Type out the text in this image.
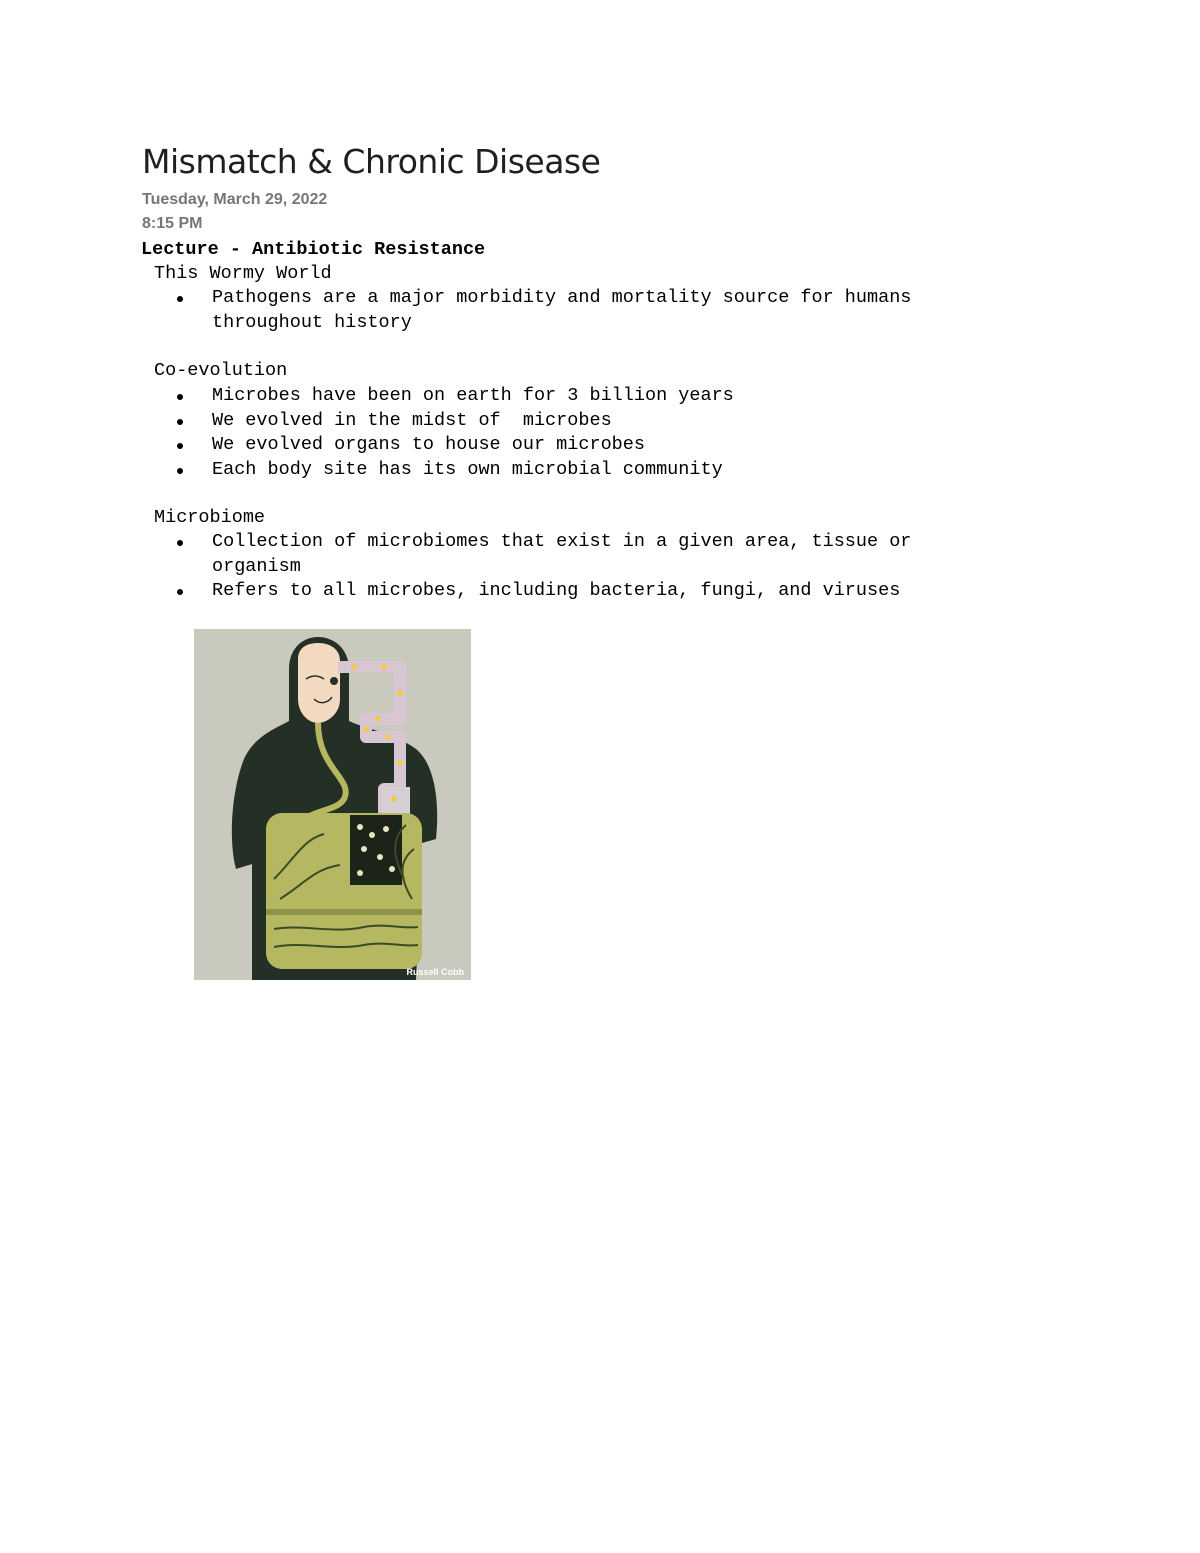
Mismatch & Chronic Disease
Tuesday, March 29, 2022
8:15 PM
Lecture - Antibiotic Resistance
This Wormy World
Pathogens are a major morbidity and mortality source for humans
throughout history
Co-evolution
Microbes have been on earth for 3 billion years
We evolved in the midst of  microbes
We evolved organs to house our microbes
Each body site has its own microbial community
Microbiome
Collection of microbiomes that exist in a given area, tissue or
organism
Refers to all microbes, including bacteria, fungi, and viruses
Russell Cobb
